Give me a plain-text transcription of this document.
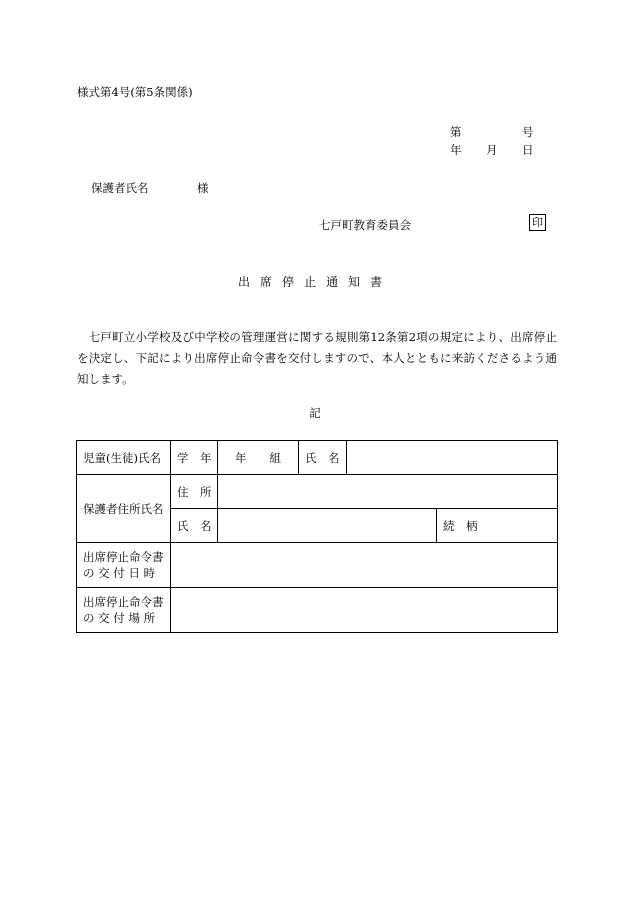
様式第4号(第5条関係)
第	号
年 月 日
保護者氏名	様
七戸町教育委員会	印
出席停止通知書
七戸町立小学校及び中学校の管理運営に関する規則第12条第2項の規定により、出席停止を決定し、下記により出席停止命令書を交付しますので、本人とともに来訪くださるよう通知します。
記
児童(生徒)氏名	学　年	年　　組	氏　名		
保護者住所氏名	住　所				
	氏　名				続　柄

出席停止命令書
の 交 付 日 時					

出席停止命令書
の 交 付 場 所					
